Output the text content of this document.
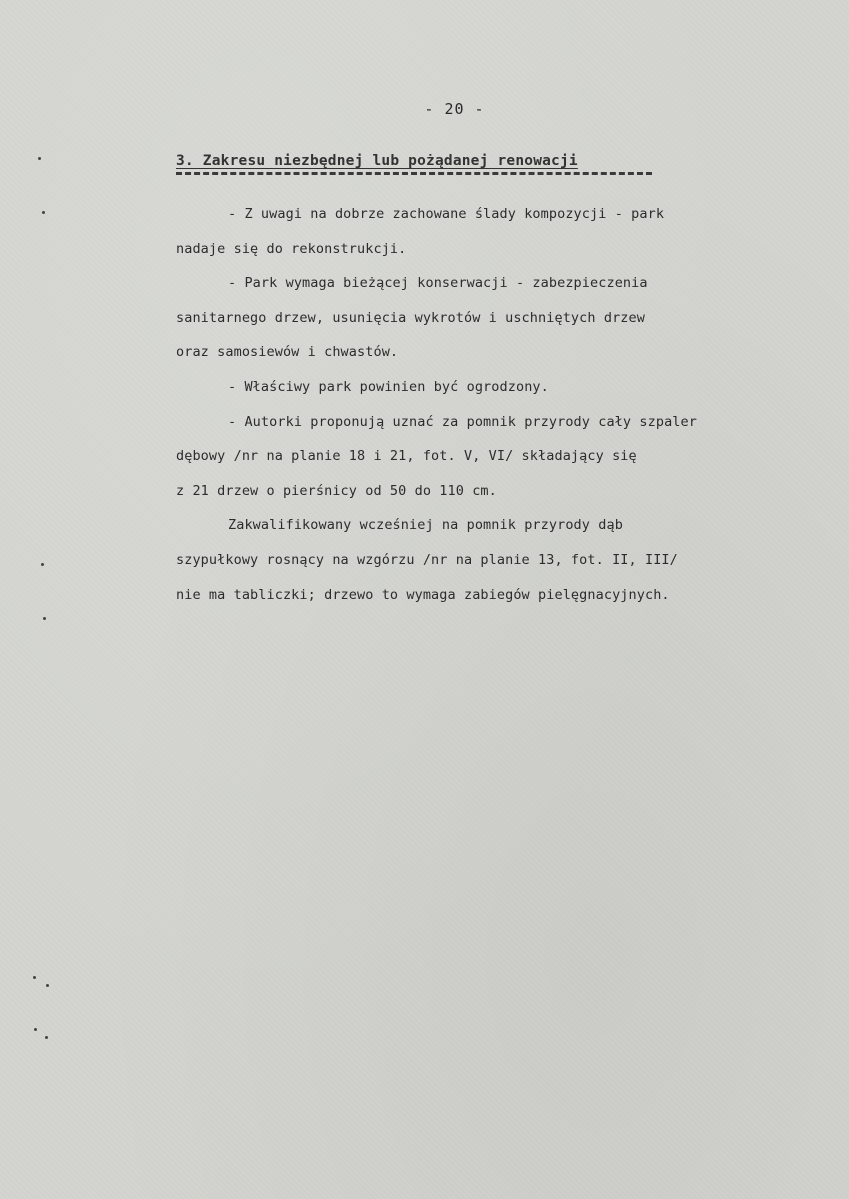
- 20 -
3. Zakresu niezbędnej lub pożądanej renowacji
- Z uwagi na dobrze zachowane ślady kompozycji - park
nadaje się do rekonstrukcji.
- Park wymaga bieżącej konserwacji - zabezpieczenia
sanitarnego drzew, usunięcia wykrotów i uschniętych drzew
oraz samosiewów i chwastów.
- Właściwy park powinien być ogrodzony.
- Autorki proponują uznać za pomnik przyrody cały szpaler
dębowy /nr na planie 18 i 21, fot. V, VI/ składający się
z 21 drzew o pierśnicy od 50 do 110 cm.
Zakwalifikowany wcześniej na pomnik przyrody dąb
szypułkowy rosnący na wzgórzu /nr na planie 13, fot. II, III/
nie ma tabliczki; drzewo to wymaga zabiegów pielęgnacyjnych.
